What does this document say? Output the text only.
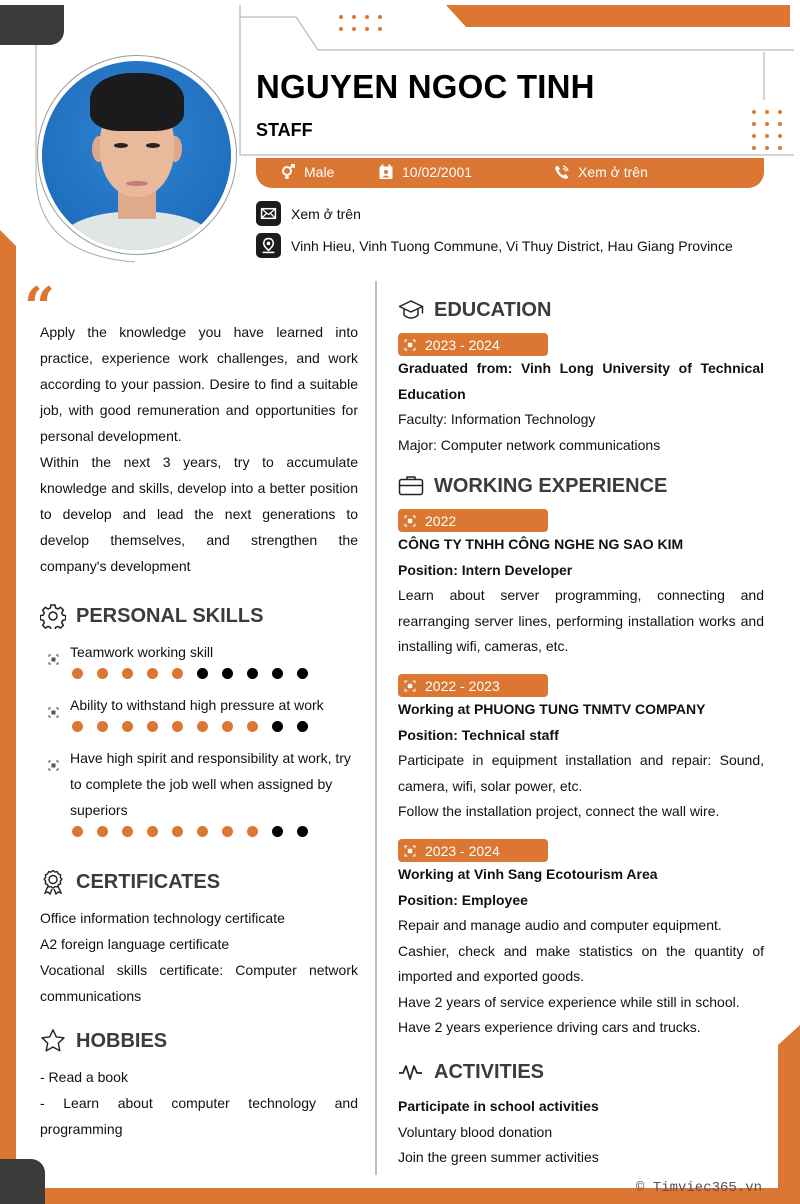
NGUYEN NGOC TINH
STAFF
Male	10/02/2001	Xem ở trên
Xem ở trên
Vinh Hieu, Vinh Tuong Commune, Vi Thuy District, Hau Giang Province
“

Apply the knowledge you have learned into practice, experience work challenges, and work according to your passion. Desire to find a suitable job, with good remuneration and opportunities for personal development.

Within the next 3 years, try to accumulate knowledge and skills, develop into a better position to develop and lead the next generations to develop themselves, and strengthen the company's development

PERSONAL SKILLS
Teamwork working skill
Ability to withstand high pressure at work
Have high spirit and responsibility at work, try to complete the job well when assigned by superiors
CERTIFICATES

Office information technology certificate

A2 foreign language certificate

Vocational skills certificate: Computer network communications

HOBBIES

- Read a book

- Learn about computer technology and programming

EDUCATION
2023 - 2024

Graduated from: Vinh Long University of Technical Education

Faculty: Information Technology

Major: Computer network communications

WORKING EXPERIENCE
2022

CÔNG TY TNHH CÔNG NGHE NG SAO KIM

Position: Intern Developer

Learn about server programming, connecting and rearranging server lines, performing installation works and installing wifi, cameras, etc.

2022 - 2023

Working at PHUONG TUNG TNMTV COMPANY

Position: Technical staff

Participate in equipment installation and repair: Sound, camera, wifi, solar power, etc.

Follow the installation project, connect the wall wire.

2023 - 2024

Working at Vinh Sang Ecotourism Area

Position: Employee

Repair and manage audio and computer equipment.

Cashier, check and make statistics on the quantity of imported and exported goods.

Have 2 years of service experience while still in school.

Have 2 years experience driving cars and trucks.

ACTIVITIES

Participate in school activities

Voluntary blood donation

Join the green summer activities

© Timviec365.vn
